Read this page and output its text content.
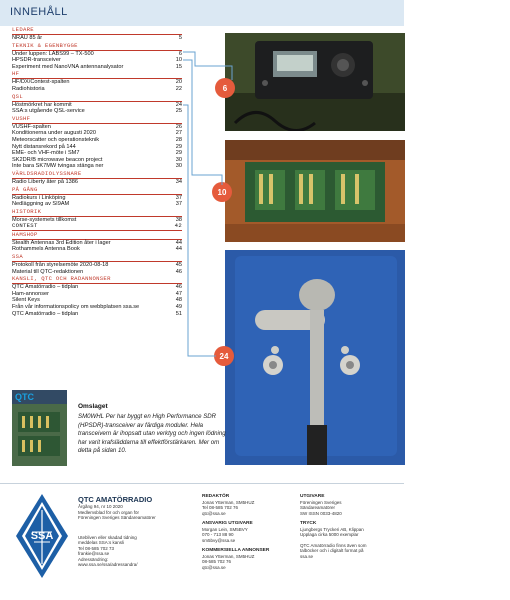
INNEHÅLL
LEDARE
NRAU 85 år	5
TEKNIK & EGENBYGGE
Under luppen: LABS99 – TX-500	6
HPSDR-transceiver	10
Experiment med NanoVNA antennanalysator	15
HF
HF/DX/Contest-spalten	20
Radiohistoria	22
QSL
Höstmörkret har kommit	24
SSA:s utgående QSL-service	25
VUSHF
VUSHF-spalten	26
Konditionerna under augusti 2020	27
Meteorscatter och operationsteknik	28
Nytt distansrekord på 144	29
EME- och VHF-möte i SM7	29
SK2DR/B microwave beacon project	30
Inte bara SK7MW tvingas stänga ner	30
VÄRLDSRADIOLYSSNARE
Radio Liberty åter på 1386	34
PÅ GÅNG
Radiokurs i Linköping	37
Nedläggning av SI9AM	37
HISTORIK
Morse-systemets tillkomst	38
CONTEST	42
HAMSHOP
Stealth Antennas 3rd Edition åter i lager	44
Rothammels Antenna Book	44
SSA
Protokoll från styrelsemöte 2020-08-18	45
Material till QTC-redaktionen	46
KANSLI, QTC OCH RADANNONSER
QTC Amatörradio – tidplan	46
Ham-annonser	47
Silent Keys	48
Från vår informationspolicy om webbplatsen ssa.se	49
QTC Amatörradio – tidplan	51
6
10
24
QTC
Omslaget
SM0WHL Per har byggt en High Performance SDR (HPSDR)-transceiver av färdiga moduler. Hela transceivern är ihopsatt utan verktyg och ingen lödning har varit krafsläddarna till effektförstärkaren. Mer om detta på sidan 10.
SSA
QTC AMATÖRRADIO
Årgång 94, nr 10 2020
Medlemsblad för och organ för
Föreningen Sveriges Sändareamatörer
Utebliven eller skadad tidning
meddelas SSA:s kansli
Tel 08-585 702 73
frankie@ssa.se
Adressändring:
www.ssa.se/ssa/adressandra/
REDAKTÖR
Jonas Ytterman, SM5HUZ
Tel 08-585 702 76
qtc@ssa.se
ANSVARIG UTGIVARE
Morgan Lein, SM5BVY
070 - 713 88 90
sm5bvy@ssa.se
KOMMERSIELLA ANNONSER
Jonas Ytterman, SM5HUZ
08-585 702 76
qtc@ssa.se
UTGIVARE
Föreningen Sveriges
Sändareamatörer
SW ISSN 0033-4820
TRYCK
Ljungbergs Tryckeri AB, Klippan
Upplaga cirka 5000 exemplar
QTC Amatörradio finns även som
talböcker och i digitalt format på
ssa.se
